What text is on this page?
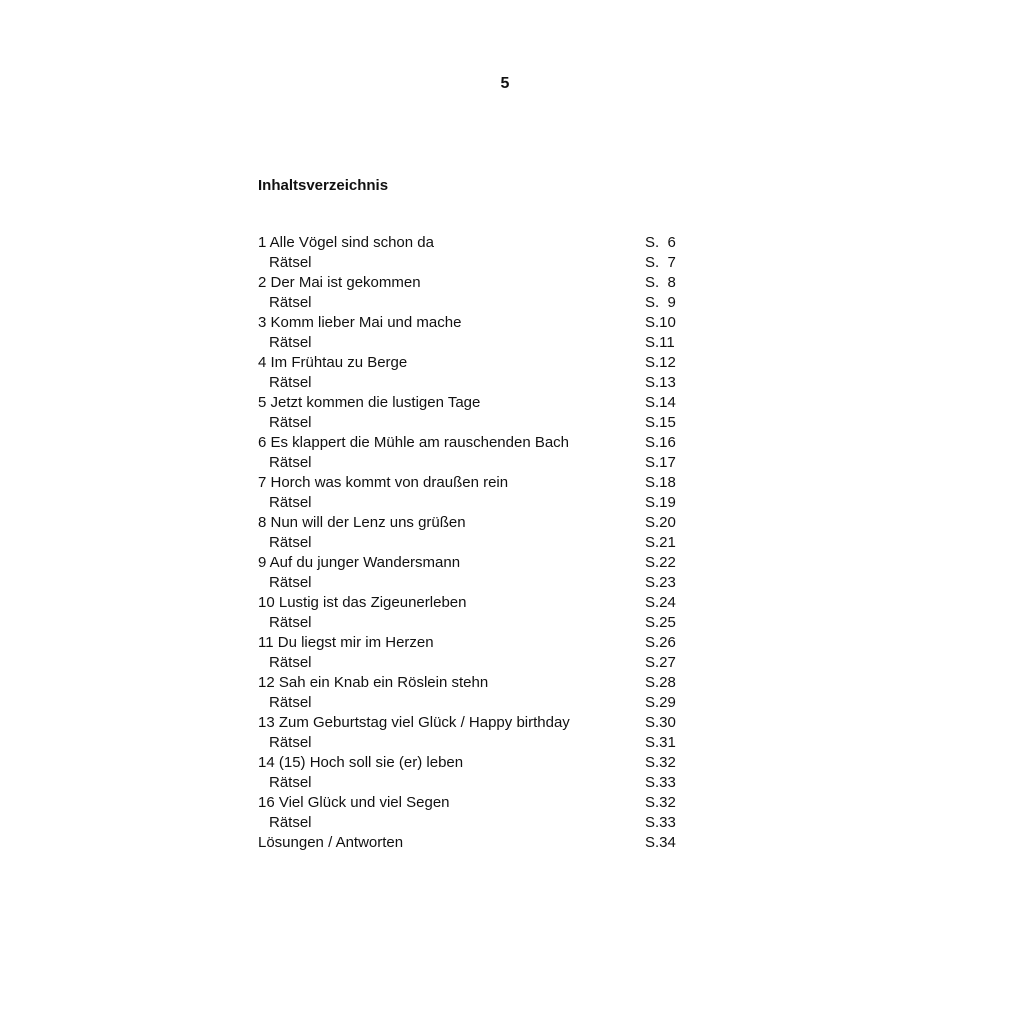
5
Inhaltsverzeichnis
1 Alle Vögel sind schon da	S.  6
Rätsel	S.  7
2 Der Mai ist gekommen	S.  8
Rätsel	S.  9
3 Komm lieber Mai und mache	S.10
Rätsel	S.11
4 Im Frühtau zu Berge	S.12
Rätsel	S.13
5 Jetzt kommen die lustigen Tage	S.14
Rätsel	S.15
6 Es klappert die Mühle am rauschenden Bach	S.16
Rätsel	S.17
7 Horch was kommt von draußen rein	S.18
Rätsel	S.19
8 Nun will der Lenz uns grüßen	S.20
Rätsel	S.21
9 Auf du junger Wandersmann	S.22
Rätsel	S.23
10 Lustig ist das Zigeunerleben	S.24
Rätsel	S.25
11 Du liegst mir im Herzen	S.26
Rätsel	S.27
12 Sah ein Knab ein Röslein stehn	S.28
Rätsel	S.29
13 Zum Geburtstag viel Glück / Happy birthday	S.30
Rätsel	S.31
14 (15) Hoch soll sie (er) leben	S.32
Rätsel	S.33
16 Viel Glück und viel Segen	S.32
Rätsel	S.33
Lösungen / Antworten	S.34
